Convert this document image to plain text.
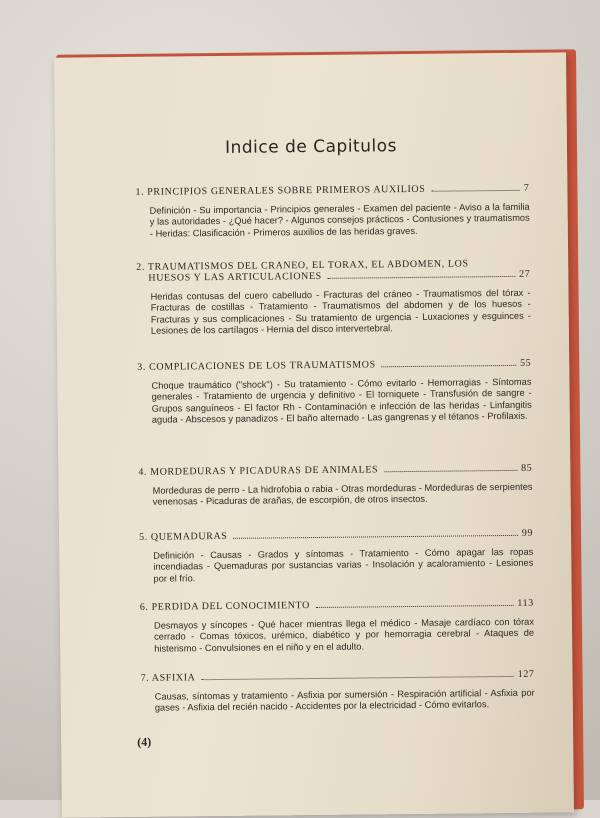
Indice de Capitulos
1. PRINCIPIOS GENERALES SOBRE PRIMEROS AUXILIOS	7
Definición - Su importancia - Principios generales - Examen del paciente - Aviso a la familia y las autoridades - ¿Qué hacer? - Algunos consejos prácticos - Contusiones y traumatismos - Heridas: Clasificación - Primeros auxilios de las heridas graves.
2. TRAUMATISMOS DEL CRANEO, EL TORAX, EL ABDOMEN, LOS
HUESOS Y LAS ARTICULACIONES	27
Heridas contusas del cuero cabelludo - Fracturas del cráneo - Traumatismos del tórax - Fracturas de costillas - Tratamiento - Traumatismos del abdomen y de los huesos - Fracturas y sus complicaciones - Su tratamiento de urgencia - Luxaciones y esguinces - Lesiones de los cartílagos - Hernia del disco intervertebral.
3. COMPLICACIONES DE LOS TRAUMATISMOS	55
Choque traumático ("shock") - Su tratamiento - Cómo evitarlo - Hemorragias - Síntomas generales - Tratamiento de urgencia y definitivo - El torniquete - Transfusión de sangre - Grupos sanguíneos - El factor Rh - Contaminación e infección de las heridas - Linfangitis aguda - Abscesos y panadizos - El baño alternado - Las gangrenas y el tétanos - Profilaxis.
4. MORDEDURAS Y PICADURAS DE ANIMALES	85
Mordeduras de perro - La hidrofobia o rabia - Otras mordeduras - Mordeduras de serpientes venenosas - Picaduras de arañas, de escorpión, de otros insectos.
5. QUEMADURAS	99
Definición - Causas - Grados y síntomas - Tratamiento - Cómo apagar las ropas incendiadas - Quemaduras por sustancias varias - Insolación y acaloramiento - Lesiones por el frío.
6. PERDIDA DEL CONOCIMIENTO	113
Desmayos y síncopes - Qué hacer mientras llega el médico - Masaje cardíaco con tórax cerrado - Comas tóxicos, urémico, diabético y por hemorragia cerebral - Ataques de histerismo - Convulsiones en el niño y en el adulto.
7. ASFIXIA	127
Causas, síntomas y tratamiento - Asfixia por sumersión - Respiración artificial - Asfixia por gases - Asfixia del recién nacido - Accidentes por la electricidad - Cómo evitarlos.
(4)
